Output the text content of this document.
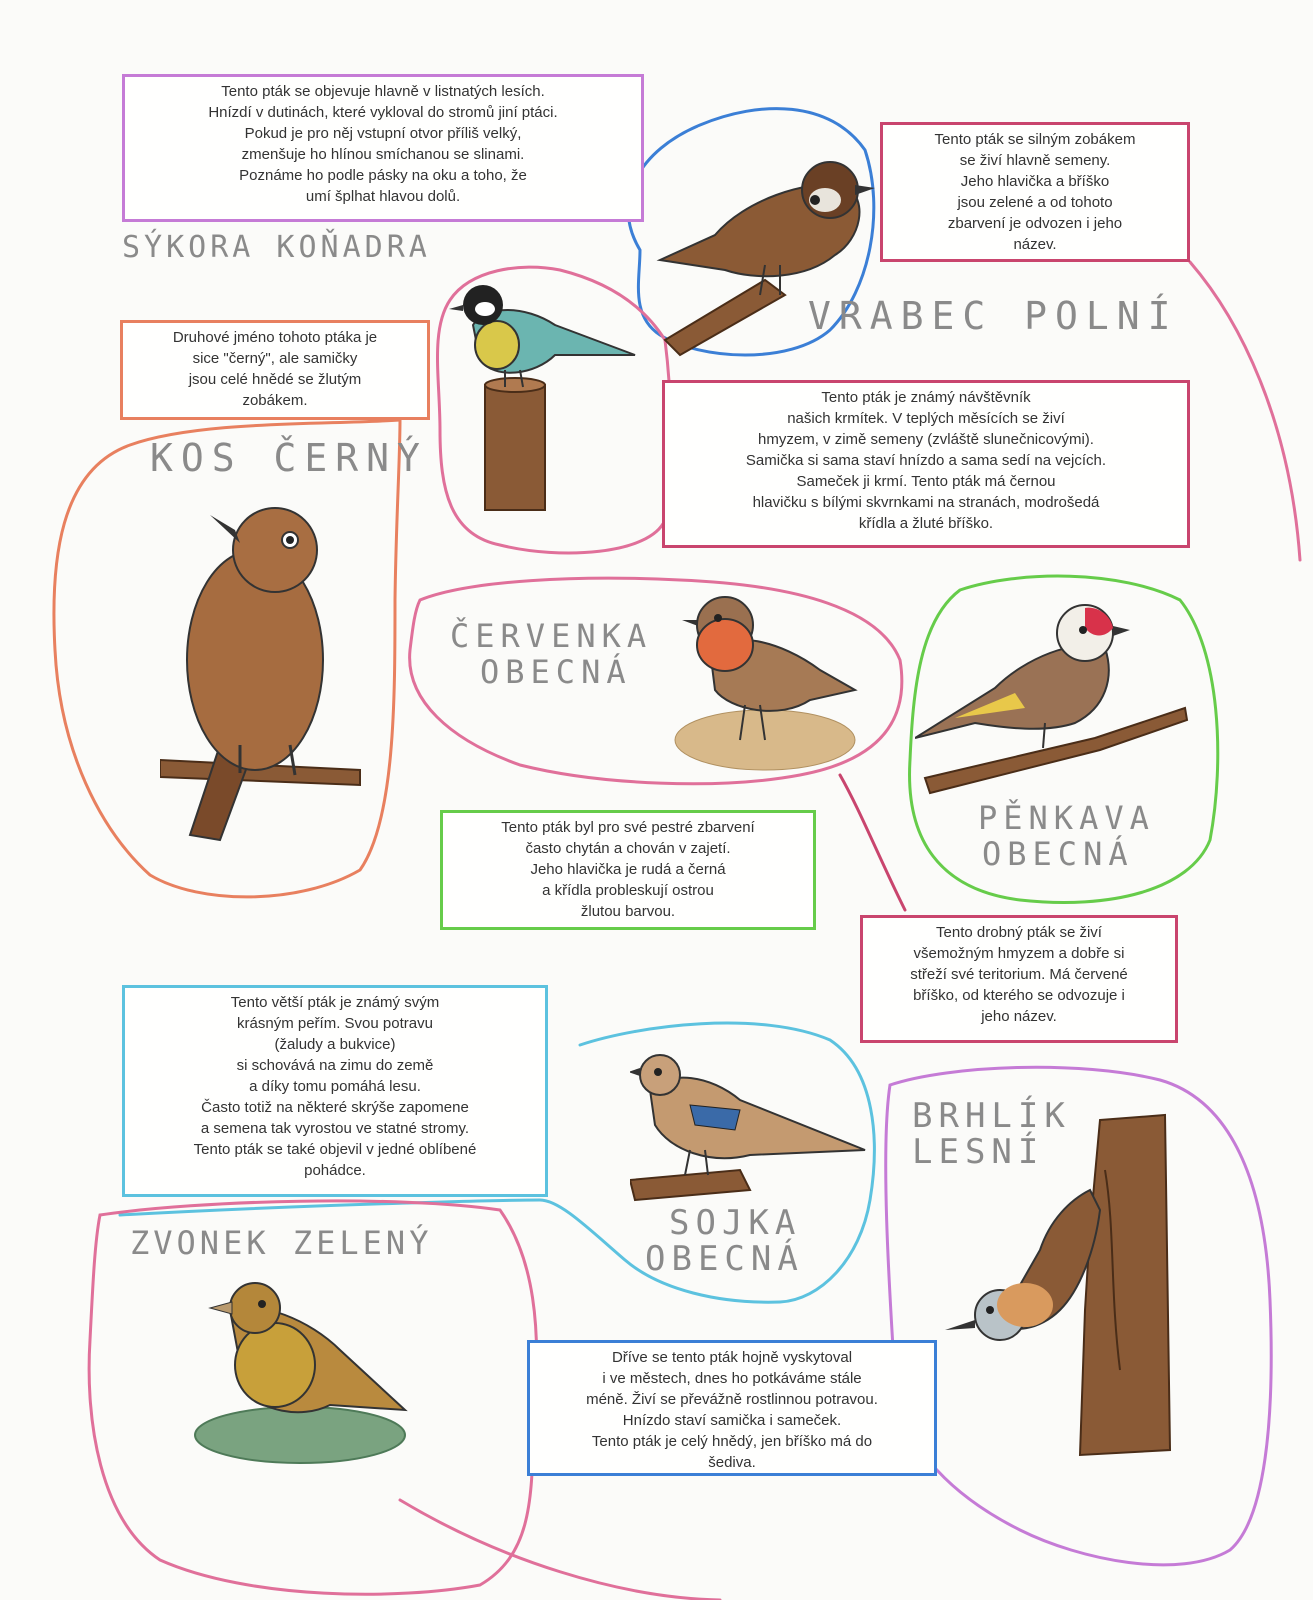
Tento pták se objevuje hlavně v listnatých lesích.
Hnízdí v dutinách, které vykloval do stromů jiní ptáci.
Pokud je pro něj vstupní otvor příliš velký,
zmenšuje ho hlínou smíchanou se slinami.
Poznáme ho podle pásky na oku a toho, že
umí šplhat hlavou dolů.
SÝKORA KOŇADRA
Tento pták se silným zobákem
se živí hlavně semeny.
Jeho hlavička a bříško
jsou zelené a od tohoto
zbarvení je odvozen i jeho
název.
VRABEC POLNÍ
Druhové jméno tohoto ptáka je
sice "černý", ale samičky
jsou celé hnědé se žlutým
zobákem.
KOS ČERNÝ
Tento pták je známý návštěvník
našich krmítek. V teplých měsících se živí
hmyzem, v zimě semeny (zvláště slunečnicovými).
Samička si sama staví hnízdo a sama sedí na vejcích.
Sameček ji krmí. Tento pták má černou
hlavičku s bílými skvrnkami na stranách, modrošedá
křídla a žluté bříško.
ČERVENKA
OBECNÁ
PĚNKAVA
OBECNÁ
Tento pták byl pro své pestré zbarvení
často chytán a chován v zajetí.
Jeho hlavička je rudá a černá
a křídla probleskují ostrou
žlutou barvou.
Tento drobný pták se živí
všemožným hmyzem a dobře si
střeží své teritorium. Má červené
bříško, od kterého se odvozuje i
jeho název.
Tento větší pták je známý svým
krásným peřím. Svou potravu
(žaludy a bukvice)
si schovává na zimu do země
a díky tomu pomáhá lesu.
Často totiž na některé skrýše zapomene
a semena tak vyrostou ve statné stromy.
Tento pták se také objevil v jedné oblíbené
pohádce.
SOJKA
OBECNÁ
BRHLÍK
LESNÍ
ZVONEK ZELENÝ
Dříve se tento pták hojně vyskytoval
i ve městech, dnes ho potkáváme stále
méně. Živí se převážně rostlinnou potravou.
Hnízdo staví samička i sameček.
Tento pták je celý hnědý, jen bříško má do
šediva.
